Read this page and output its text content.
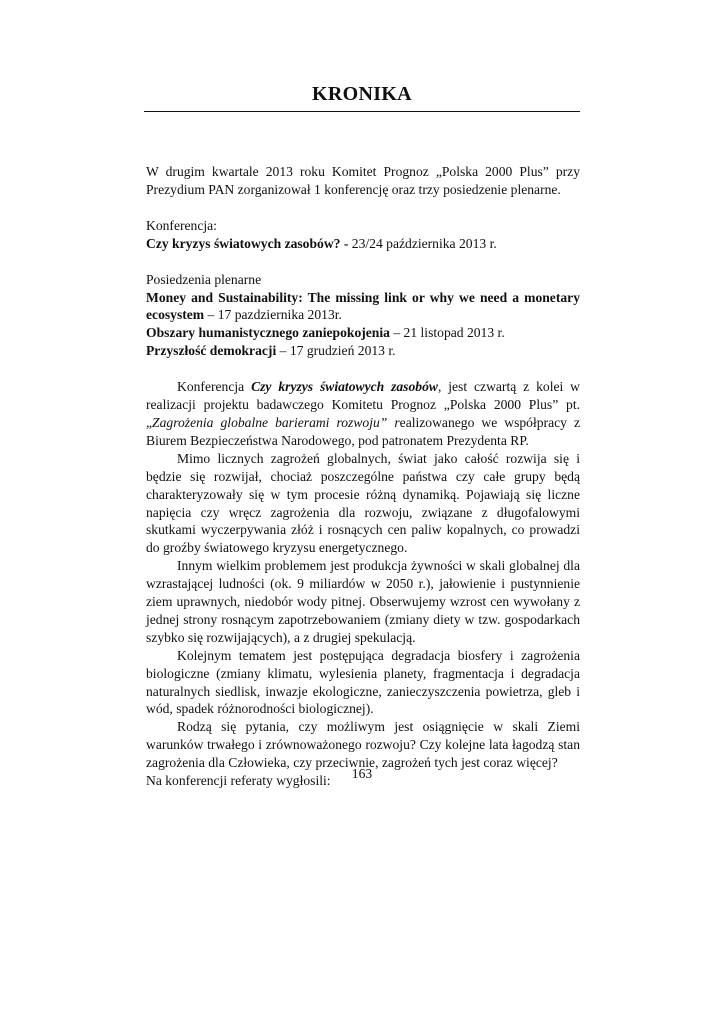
KRONIKA

W drugim kwartale 2013 roku Komitet Prognoz „Polska 2000 Plus” przy Prezydium PAN zorganizował 1 konferencję oraz trzy posiedzenie plenarne.

Konferencja:

Czy kryzys światowych zasobów? - 23/24 październikа 2013 r.

Posiedzenia plenarne

Money and Sustainability: The missing link or why we need a monetary ecosystem – 17 pazdziernika 2013r.

Obszary humanistycznego zaniepokojenia – 21 listopad 2013 r.

Przyszłość demokracji – 17 grudzień 2013 r.

Konferencja Czy kryzys światowych zasobów, jest czwartą z kolei w realizacji projektu badawczego Komitetu Prognoz „Polska 2000 Plus” pt. „Zagrożenia globalne barierami rozwoju” realizowanego we współpracy z Biurem Bezpieczeństwa Narodowego, pod patronatem Prezydenta RP.

Mimo licznych zagrożeń globalnych, świat jako całość rozwija się i będzie się rozwijał, chociaż poszczególne państwa czy całe grupy będą charakteryzowały się w tym procesie różną dynamiką. Pojawiają się liczne napięcia czy wręcz zagrożenia dla rozwoju, związane z długofalowymi skutkami wyczerpywania złóż i rosnących cen paliw kopalnych, co prowadzi do groźby światowego kryzysu energetycznego.

Innym wielkim problemem jest produkcja żywności w skali globalnej dla wzrastającej ludności (ok. 9 miliardów w 2050 r.), jałowienie i pustynnienie ziem uprawnych, niedobór wody pitnej. Obserwujemy wzrost cen wywołany z jednej strony rosnącym zapotrzebowaniem (zmiany diety w tzw. gospodarkach szybko się rozwijających), a z drugiej spekulacją.

Kolejnym tematem jest postępująca degradacja biosfery i zagrożenia biologiczne (zmiany klimatu, wylesienia planety, fragmentacja i degradacja naturalnych siedlisk, inwazje ekologiczne, zanieczyszczenia powietrza, gleb i wód, spadek różnorodności biologicznej).

Rodzą się pytania, czy możliwym jest osiągnięcie w skali Ziemi warunków trwałego i zrównoważonego rozwoju? Czy kolejne lata łagodzą stan zagrożenia dla Człowieka, czy przeciwnie, zagrożeń tych jest coraz więcej?

Na konferencji referaty wygłosili:	163
